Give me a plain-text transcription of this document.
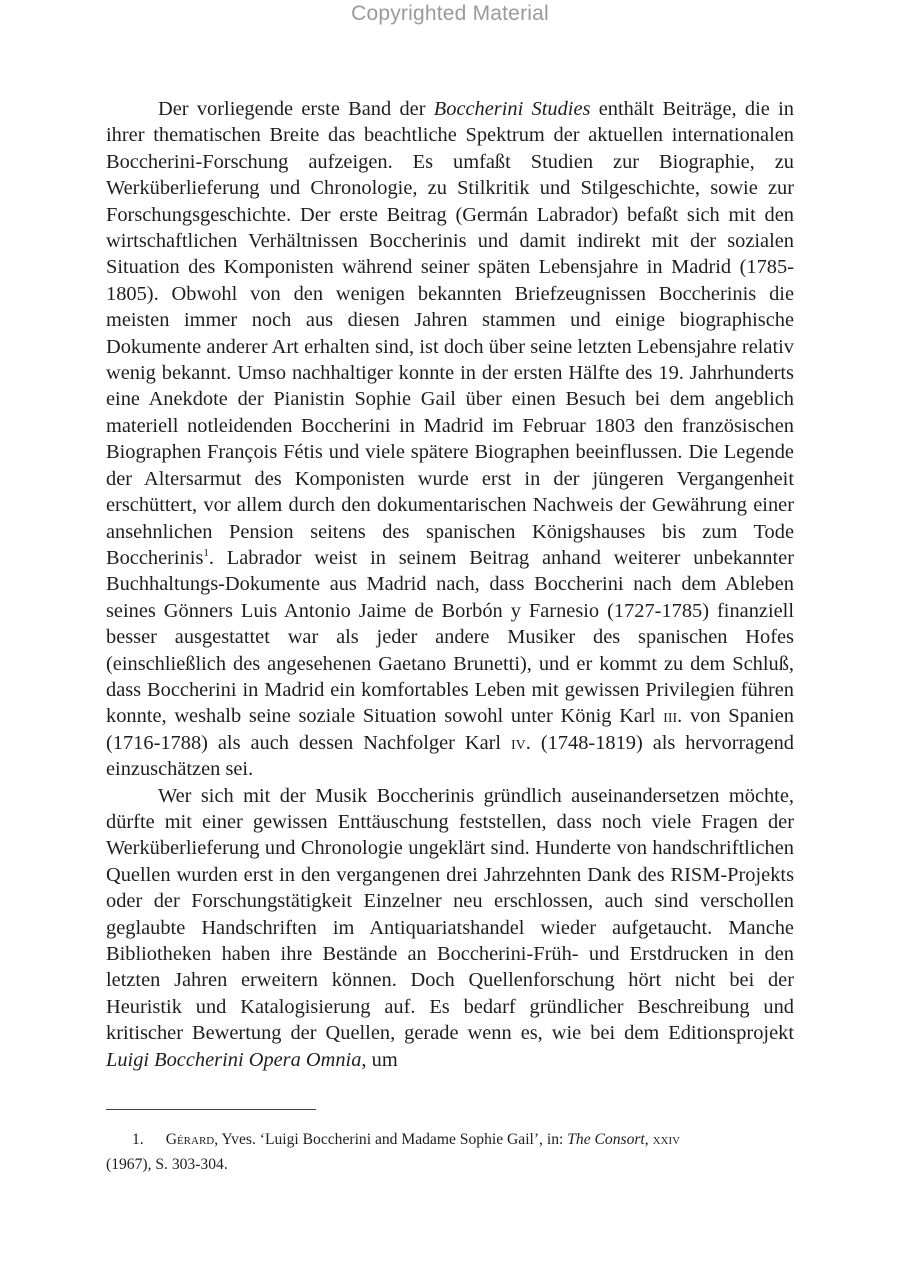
Copyrighted Material

Der vorliegende erste Band der Boccherini Studies enthält Beiträge, die in ihrer thematischen Breite das beachtliche Spektrum der aktuellen internationalen Boccherini-Forschung aufzeigen. Es umfaßt Studien zur Biographie, zu Werküberlieferung und Chronologie, zu Stilkritik und Stilgeschichte, sowie zur Forschungsgeschichte. Der erste Beitrag (Germán Labrador) befaßt sich mit den wirtschaftlichen Verhältnissen Boccherinis und damit indirekt mit der sozialen Situation des Komponisten während seiner späten Lebensjahre in Madrid (1785-1805). Obwohl von den wenigen bekannten Briefzeugnissen Boccherinis die meisten immer noch aus diesen Jahren stammen und einige biographische Dokumente anderer Art erhalten sind, ist doch über seine letzten Lebensjahre relativ wenig bekannt. Umso nachhaltiger konnte in der ersten Hälfte des 19. Jahrhunderts eine Anekdote der Pianistin Sophie Gail über einen Besuch bei dem angeblich materiell notleidenden Boccherini in Madrid im Februar 1803 den französischen Biographen François Fétis und viele spätere Biographen beeinflussen. Die Legende der Altersarmut des Komponisten wurde erst in der jüngeren Vergangenheit erschüttert, vor allem durch den dokumentarischen Nachweis der Gewährung einer ansehnlichen Pension seitens des spanischen Königshauses bis zum Tode Boccherinis$^1$. Labrador weist in seinem Beitrag anhand weiterer unbekannter Buchhaltungs-Dokumente aus Madrid nach, dass Boccherini nach dem Ableben seines Gönners Luis Antonio Jaime de Borbón y Farnesio (1727-1785) finanziell besser ausgestattet war als jeder andere Musiker des spanischen Hofes (einschließlich des angesehenen Gaetano Brunetti), und er kommt zu dem Schluß, dass Boccherini in Madrid ein komfortables Leben mit gewissen Privilegien führen konnte, weshalb seine soziale Situation sowohl unter König Karl iii. von Spanien (1716-1788) als auch dessen Nachfolger Karl iv. (1748-1819) als hervorragend einzuschätzen sei.

Wer sich mit der Musik Boccherinis gründlich auseinandersetzen möchte, dürfte mit einer gewissen Enttäuschung feststellen, dass noch viele Fragen der Werküberlieferung und Chronologie ungeklärt sind. Hunderte von handschriftlichen Quellen wurden erst in den vergangenen drei Jahrzehnten Dank des RISM-Projekts oder der Forschungstätigkeit Einzelner neu erschlossen, auch sind verschollen geglaubte Handschriften im Antiquariatshandel wieder aufgetaucht. Manche Bibliotheken haben ihre Bestände an Boccherini-Früh- und Erstdrucken in den letzten Jahren erweitern können. Doch Quellenforschung hört nicht bei der Heuristik und Katalogisierung auf. Es bedarf gründlicher Beschreibung und kritischer Bewertung der Quellen, gerade wenn es, wie bei dem Editionsprojekt Luigi Boccherini Opera Omnia, um

1. Gérard, Yves. ‘Luigi Boccherini and Madame Sophie Gail’, in: The Consort, xxiv
(1967), S. 303-304.
